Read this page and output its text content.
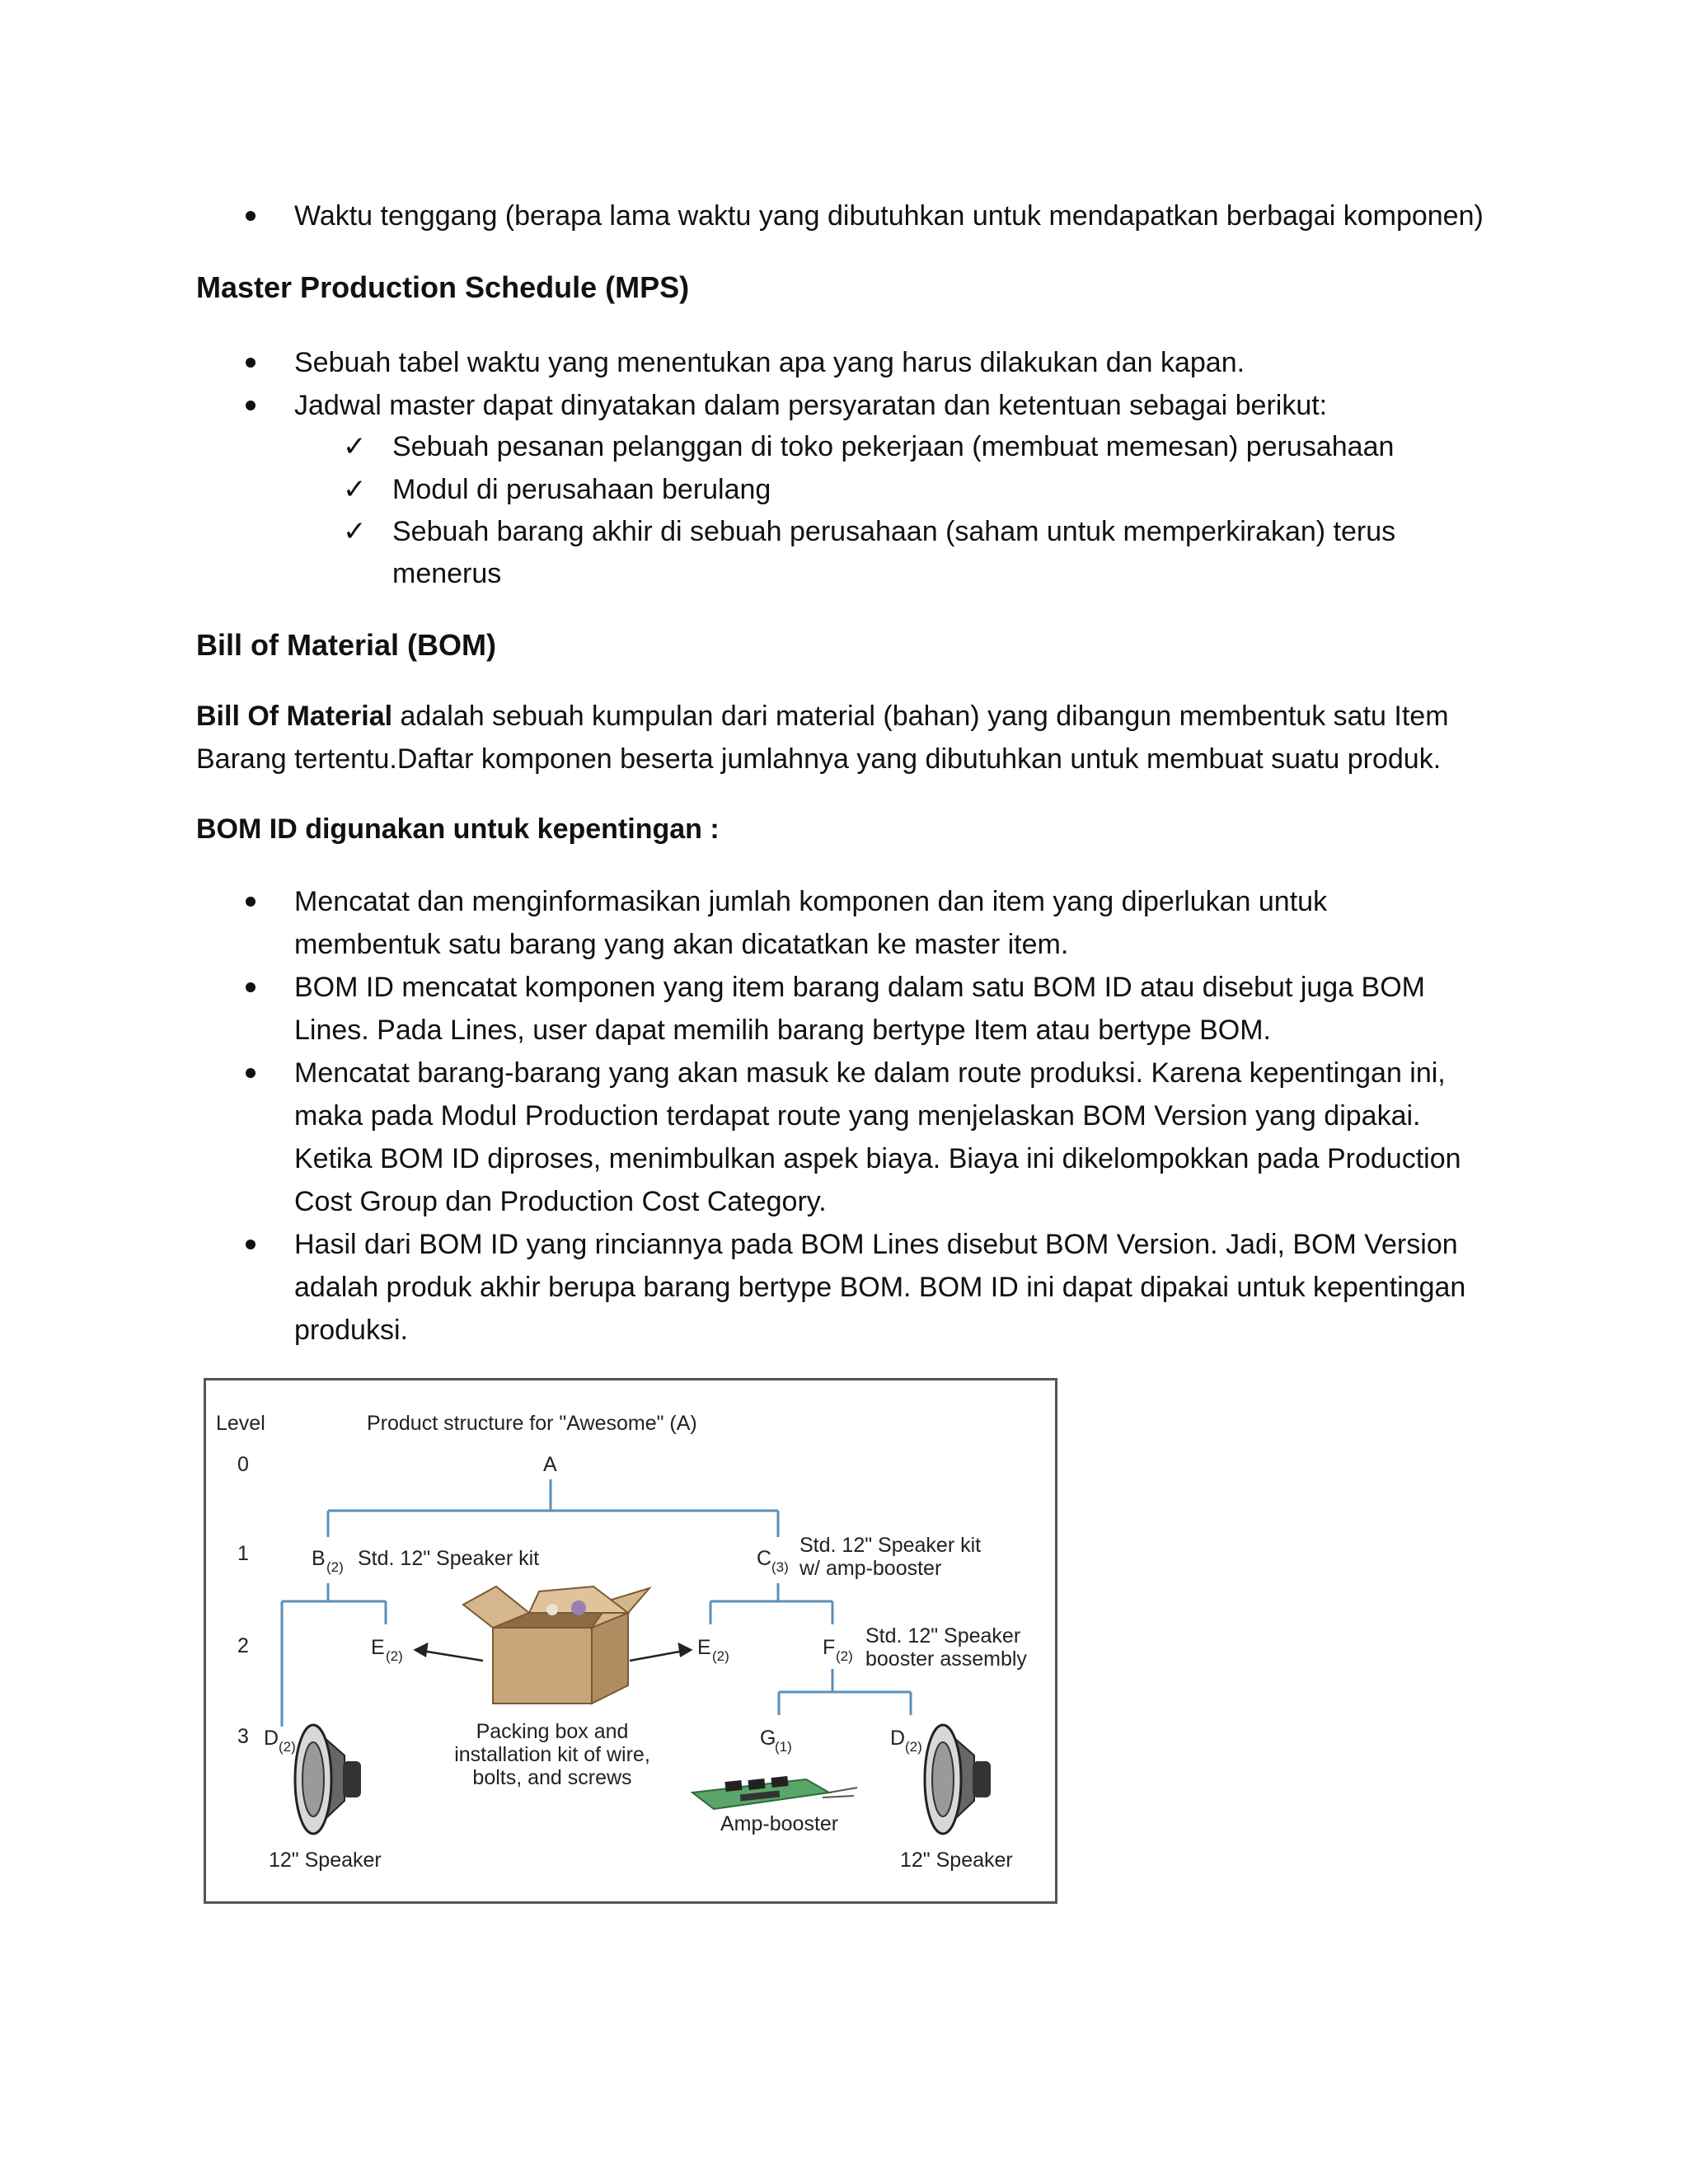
Waktu tenggang (berapa lama waktu yang dibutuhkan untuk mendapatkan berbagai komponen)
Master Production Schedule (MPS)
Sebuah tabel waktu yang menentukan apa yang harus dilakukan dan kapan.
Jadwal master dapat dinyatakan dalam persyaratan dan ketentuan sebagai berikut:
✓ Sebuah pesanan pelanggan di toko pekerjaan (membuat memesan) perusahaan
✓ Modul di perusahaan berulang
✓ Sebuah barang akhir di sebuah perusahaan (saham untuk memperkirakan) terus
menerus
Bill of Material (BOM)
Bill Of Material adalah sebuah kumpulan dari material (bahan) yang dibangun membentuk satu Item
Barang tertentu.Daftar komponen beserta jumlahnya yang dibutuhkan untuk membuat suatu produk.
BOM ID digunakan untuk kepentingan :
Mencatat dan menginformasikan jumlah komponen dan item yang diperlukan untuk
membentuk satu barang yang akan dicatatkan ke master item.
BOM ID mencatat komponen yang item barang dalam satu BOM ID atau disebut juga BOM
Lines. Pada Lines, user dapat memilih barang bertype Item atau bertype BOM.
Mencatat barang-barang yang akan masuk ke dalam route produksi. Karena kepentingan ini,
maka pada Modul Production terdapat route yang menjelaskan BOM Version yang dipakai.
Ketika BOM ID diproses, menimbulkan aspek biaya. Biaya ini dikelompokkan pada Production
Cost Group dan Production Cost Category.
Hasil dari BOM ID yang rinciannya pada BOM Lines disebut BOM Version. Jadi, BOM Version
adalah produk akhir berupa barang bertype BOM. BOM ID ini dapat dipakai untuk kepentingan
produksi.
Level
0
1
2
3
Product structure for "Awesome" (A)
A
B (2) Std. 12" Speaker kit	C (3)
Std. 12" Speaker kit
w/ amp-booster
E (2)	E (2)	F (2)
Std. 12" Speaker
booster assembly
Packing box and
installation kit of wire,
bolts, and screws
D (2)
12" Speaker
G
(1)
Amp-booster
D (2)
12" Speaker
